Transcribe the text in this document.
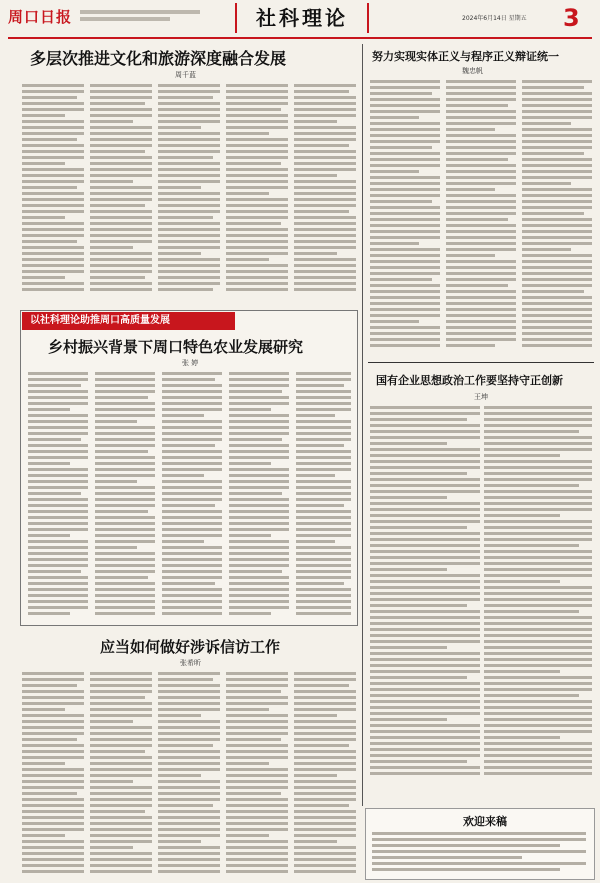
周口日报	社科理论	2024年6月14日 星期五 3
多层次推进文化和旅游深度融合发展
周千蓝
以社科理论助推周口高质量发展
乡村振兴背景下周口特色农业发展研究
张 婷
应当如何做好涉诉信访工作
张希昕
努力实现实体正义与程序正义辩证统一
魏忠帆
国有企业思想政治工作要坚持守正创新
王坤
欢迎来稿
